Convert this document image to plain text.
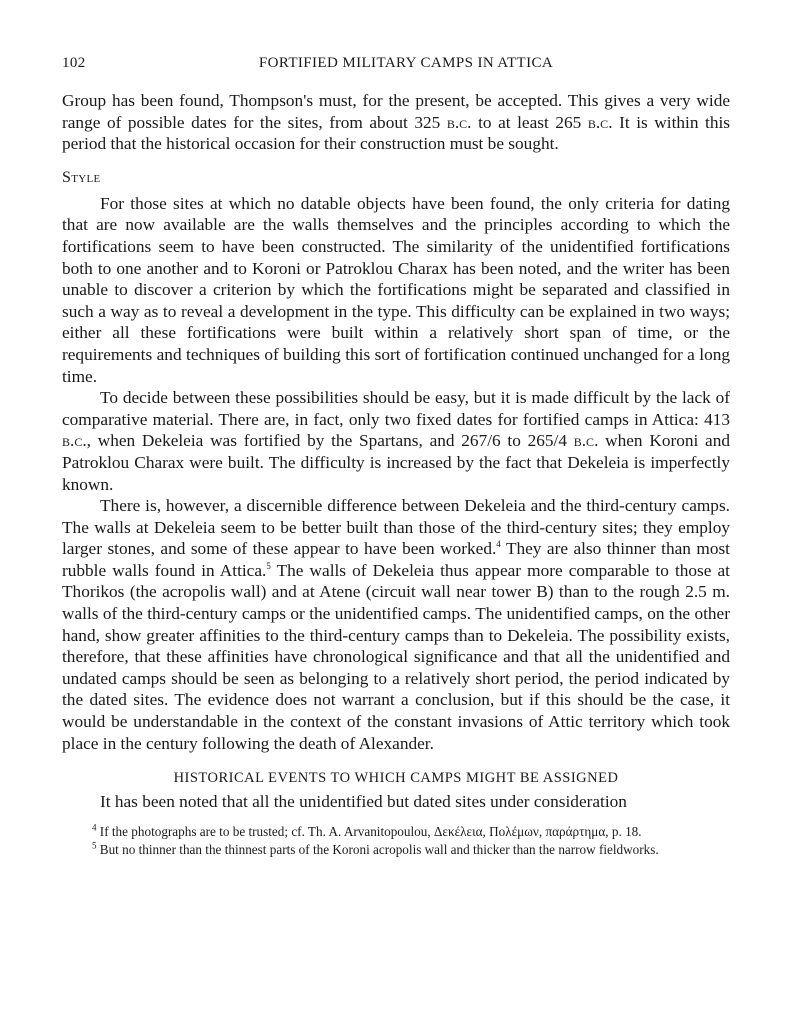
102	FORTIFIED MILITARY CAMPS IN ATTICA

Group has been found, Thompson's must, for the present, be accepted. This gives a very wide range of possible dates for the sites, from about 325 b.c. to at least 265 b.c. It is within this period that the historical occasion for their construction must be sought.

Style

For those sites at which no datable objects have been found, the only criteria for dating that are now available are the walls themselves and the principles according to which the fortifications seem to have been constructed. The similarity of the unidentified fortifications both to one another and to Koroni or Patroklou Charax has been noted, and the writer has been unable to discover a criterion by which the fortifications might be separated and classified in such a way as to reveal a development in the type. This difficulty can be explained in two ways; either all these fortifications were built within a relatively short span of time, or the requirements and techniques of building this sort of fortification continued unchanged for a long time.

To decide between these possibilities should be easy, but it is made difficult by the lack of comparative material. There are, in fact, only two fixed dates for fortified camps in Attica: 413 b.c., when Dekeleia was fortified by the Spartans, and 267/6 to 265/4 b.c. when Koroni and Patroklou Charax were built. The difficulty is increased by the fact that Dekeleia is imperfectly known.

There is, however, a discernible difference between Dekeleia and the third-century camps. The walls at Dekeleia seem to be better built than those of the third-century sites; they employ larger stones, and some of these appear to have been worked.$^4$ They are also thinner than most rubble walls found in Attica.$^5$ The walls of Dekeleia thus appear more comparable to those at Thorikos (the acropolis wall) and at Atene (circuit wall near tower B) than to the rough 2.5 m. walls of the third-century camps or the unidentified camps. The unidentified camps, on the other hand, show greater affinities to the third-century camps than to Dekeleia. The possibility exists, therefore, that these affinities have chronological significance and that all the unidentified and undated camps should be seen as belonging to a relatively short period, the period indicated by the dated sites. The evidence does not warrant a conclusion, but if this should be the case, it would be understandable in the context of the constant invasions of Attic territory which took place in the century following the death of Alexander.

HISTORICAL EVENTS TO WHICH CAMPS MIGHT BE ASSIGNED

It has been noted that all the unidentified but dated sites under consideration

$^4$ If the photographs are to be trusted; cf. Th. A. Arvanitopoulou, Δεκέλεια, Πολέμων, παράρτημα, p. 18.

$^5$ But no thinner than the thinnest parts of the Koroni acropolis wall and thicker than the narrow fieldworks.
